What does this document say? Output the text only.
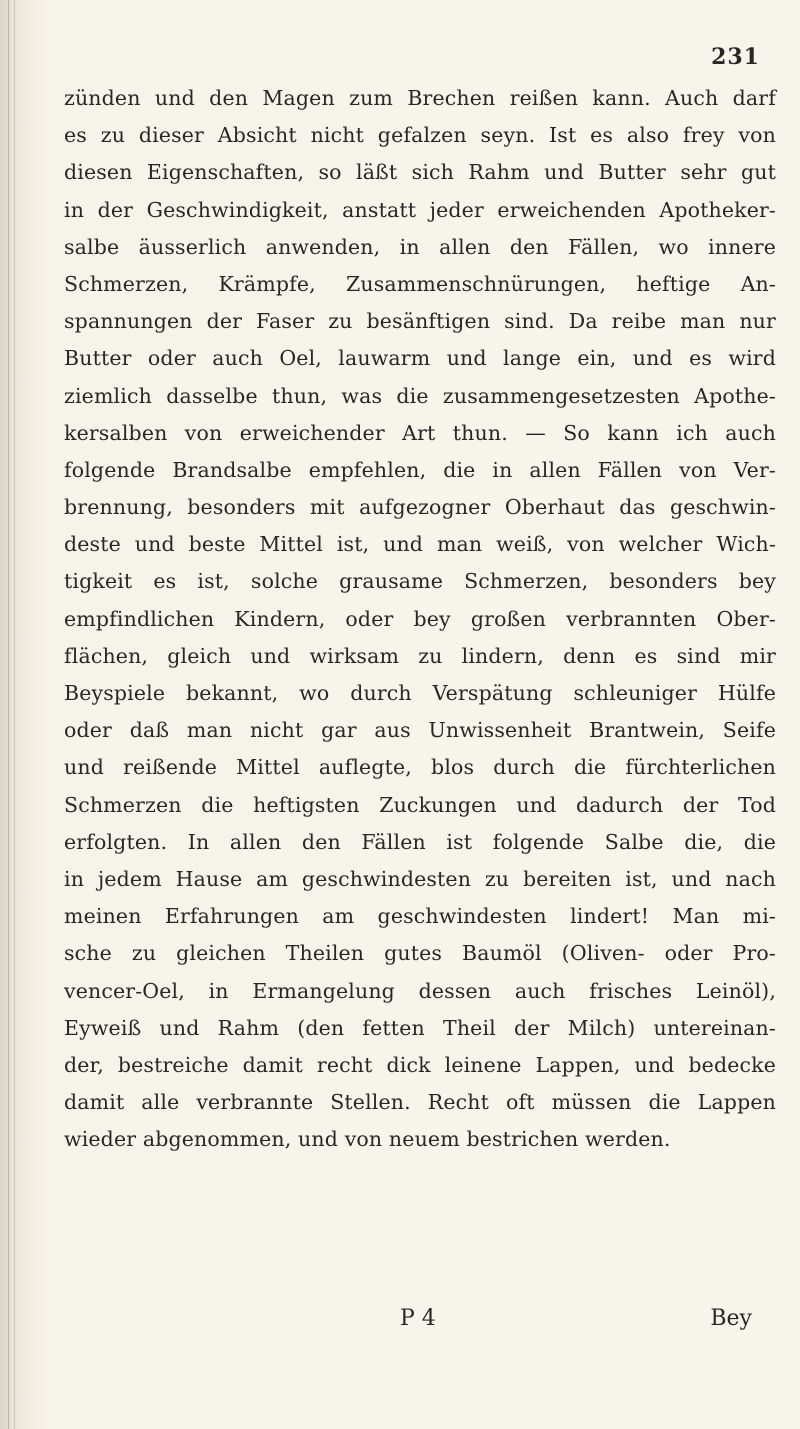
231
zünden und den Magen zum Brechen reißen kann. Auch darf
es zu dieser Absicht nicht gefalzen seyn. Ist es also frey von
diesen Eigenschaften, so läßt sich Rahm und Butter sehr gut
in der Geschwindigkeit, anstatt jeder erweichenden Apotheker-
salbe äusserlich anwenden, in allen den Fällen, wo innere
Schmerzen, Krämpfe, Zusammenschnürungen, heftige An-
spannungen der Faser zu besänftigen sind. Da reibe man nur
Butter oder auch Oel, lauwarm und lange ein, und es wird
ziemlich dasselbe thun, was die zusammengesetzesten Apothe-
kersalben von erweichender Art thun. — So kann ich auch
folgende Brandsalbe empfehlen, die in allen Fällen von Ver-
brennung, besonders mit aufgezogner Oberhaut das geschwin-
deste und beste Mittel ist, und man weiß, von welcher Wich-
tigkeit es ist, solche grausame Schmerzen, besonders bey
empfindlichen Kindern, oder bey großen verbrannten Ober-
flächen, gleich und wirksam zu lindern, denn es sind mir
Beyspiele bekannt, wo durch Verspätung schleuniger Hülfe
oder daß man nicht gar aus Unwissenheit Brantwein, Seife
und reißende Mittel auflegte, blos durch die fürchterlichen
Schmerzen die heftigsten Zuckungen und dadurch der Tod
erfolgten. In allen den Fällen ist folgende Salbe die, die
in jedem Hause am geschwindesten zu bereiten ist, und nach
meinen Erfahrungen am geschwindesten lindert! Man mi-
sche zu gleichen Theilen gutes Baumöl (Oliven- oder Pro-
vencer-Oel, in Ermangelung dessen auch frisches Leinöl),
Eyweiß und Rahm (den fetten Theil der Milch) untereinan-
der, bestreiche damit recht dick leinene Lappen, und bedecke
damit alle verbrannte Stellen. Recht oft müssen die Lappen
wieder abgenommen, und von neuem bestrichen werden.
P 4	Bey
